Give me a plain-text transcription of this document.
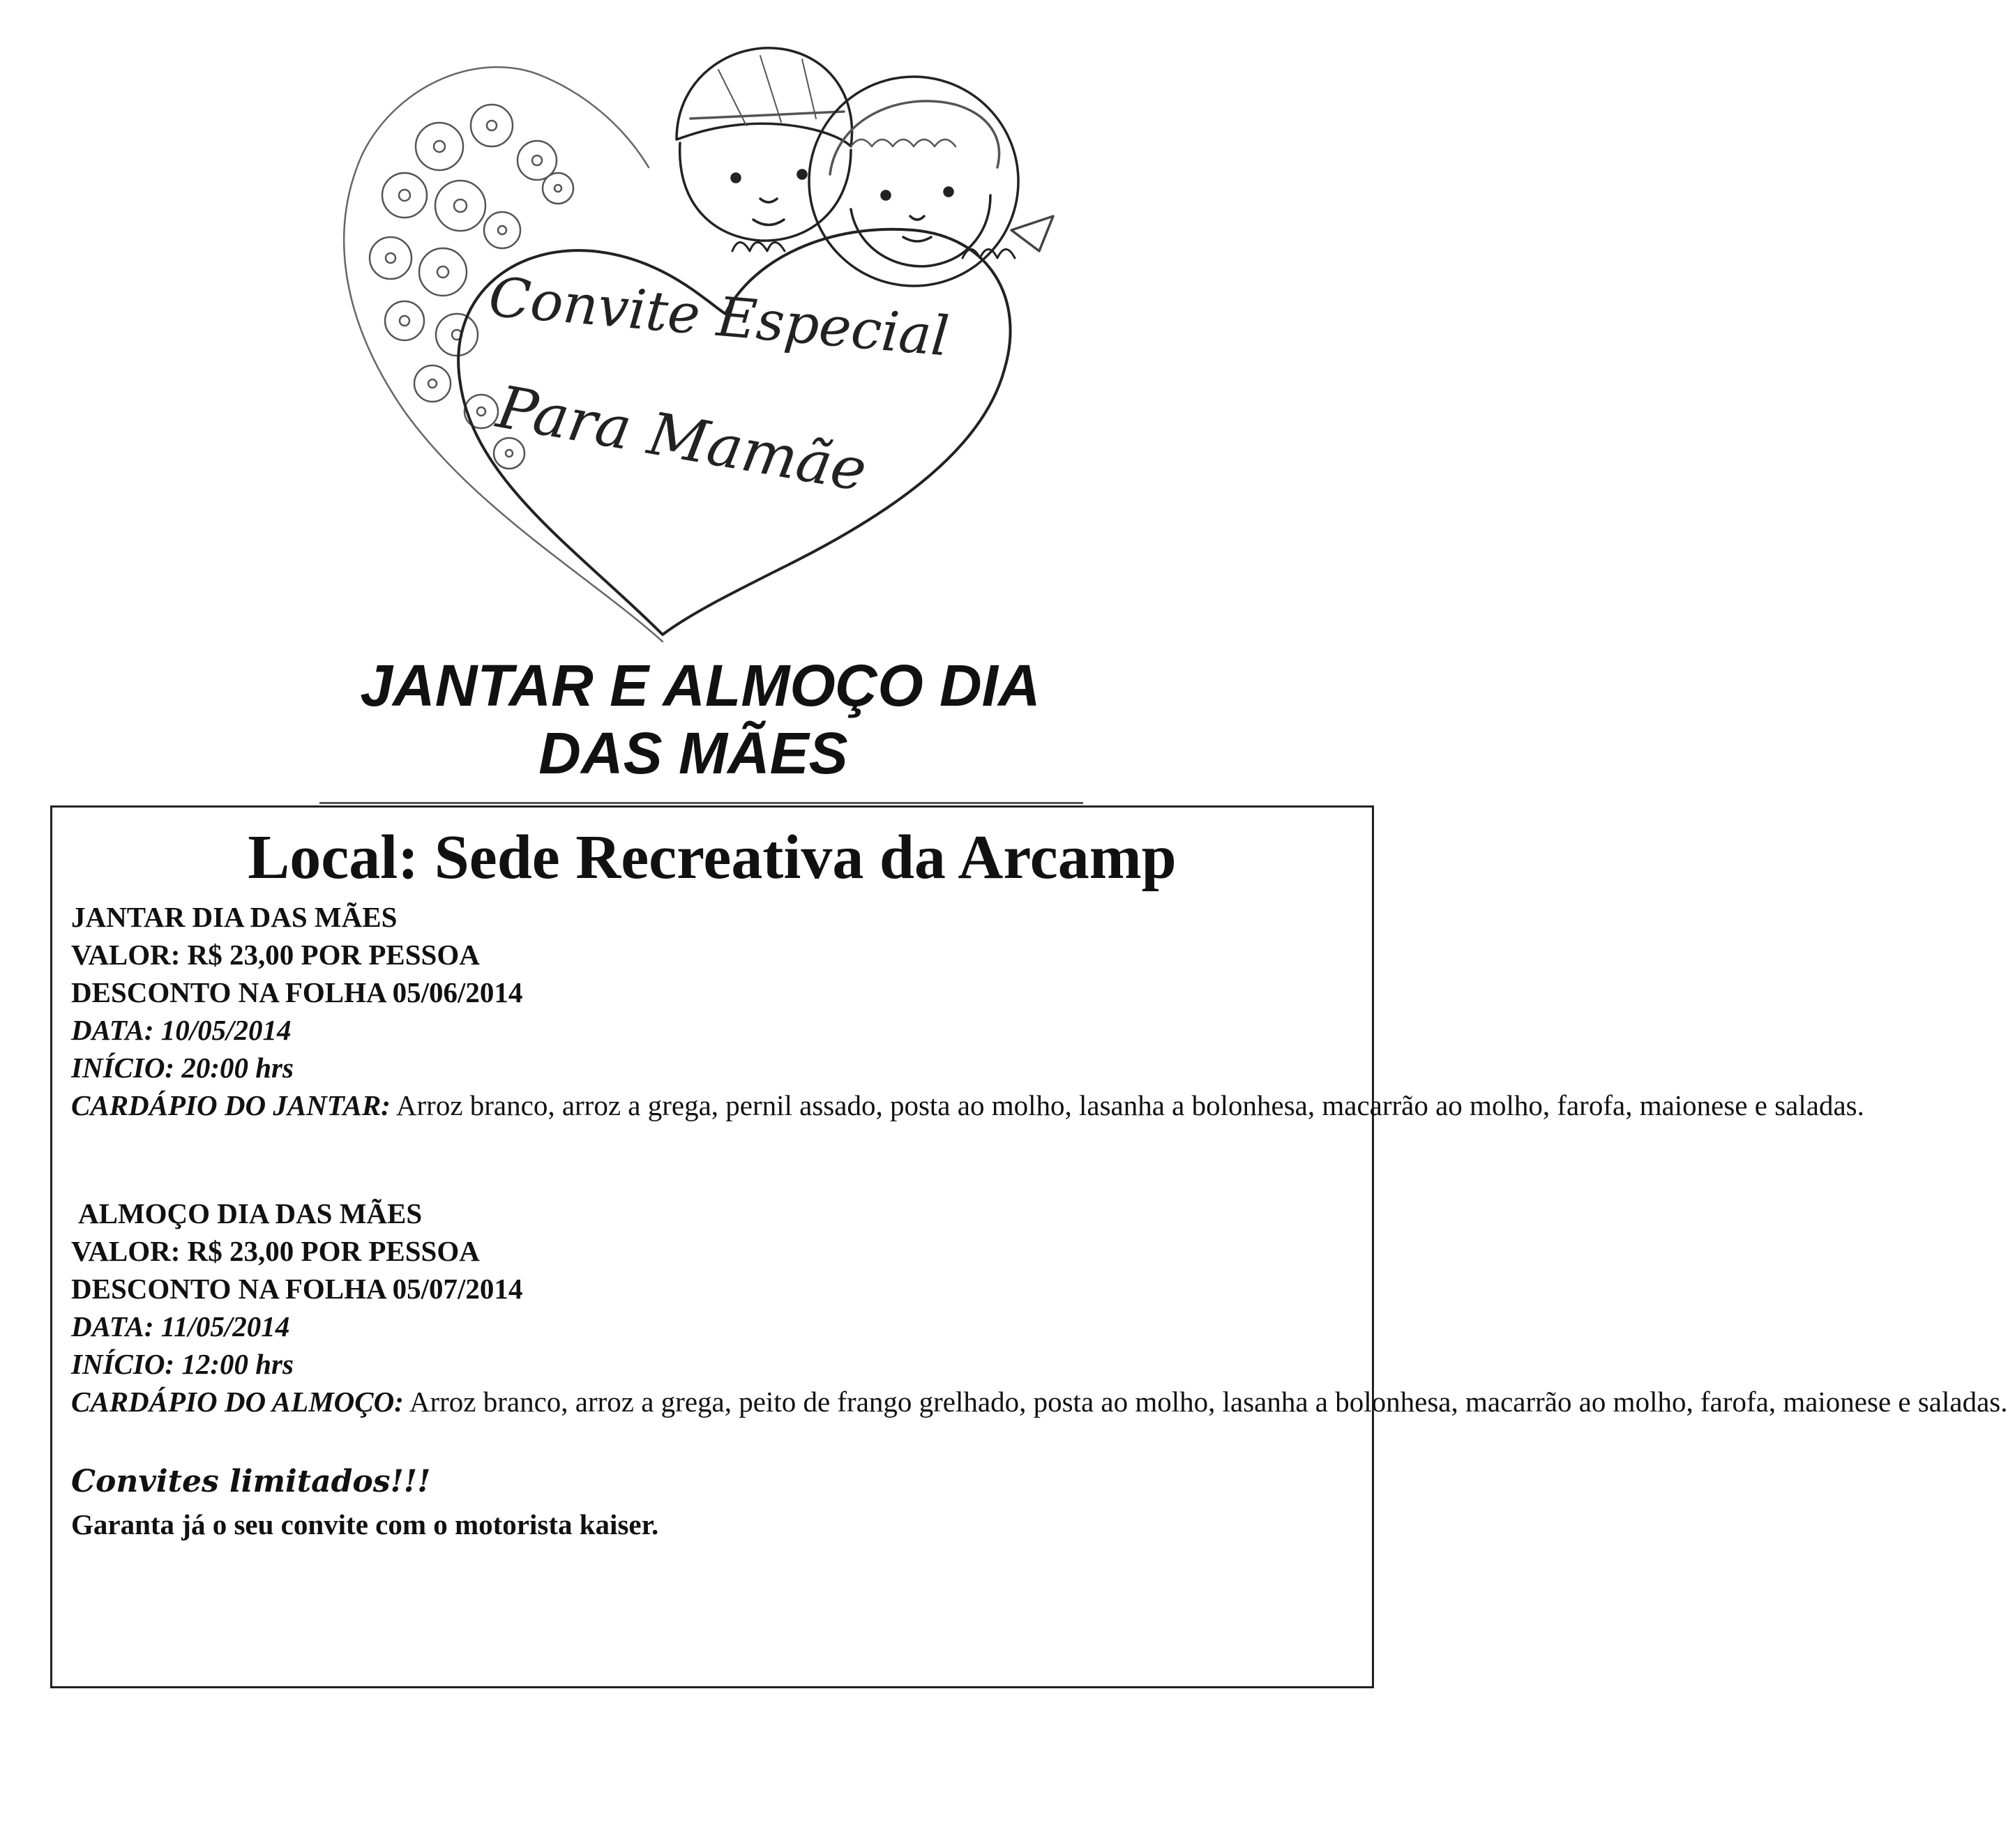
Convite Especial
Para Mamãe
JANTAR E ALMOÇO DIA
DAS MÃES
Local: Sede Recreativa da Arcamp
JANTAR DIA DAS MÃES
VALOR: R$ 23,00 POR PESSOA
DESCONTO NA FOLHA 05/06/2014
DATA: 10/05/2014
INÍCIO: 20:00 hrs
CARDÁPIO DO JANTAR: Arroz branco, arroz a grega, pernil assado, posta ao molho, lasanha a bolonhesa, macarrão ao molho, farofa, maionese e saladas.
ALMOÇO DIA DAS MÃES
VALOR: R$ 23,00 POR PESSOA
DESCONTO NA FOLHA 05/07/2014
DATA: 11/05/2014
INÍCIO: 12:00 hrs
CARDÁPIO DO ALMOÇO: Arroz branco, arroz a grega, peito de frango grelhado, posta ao molho, lasanha a bolonhesa, macarrão ao molho, farofa, maionese e saladas.
Convites limitados!!!
Garanta já o seu convite com o motorista kaiser.
